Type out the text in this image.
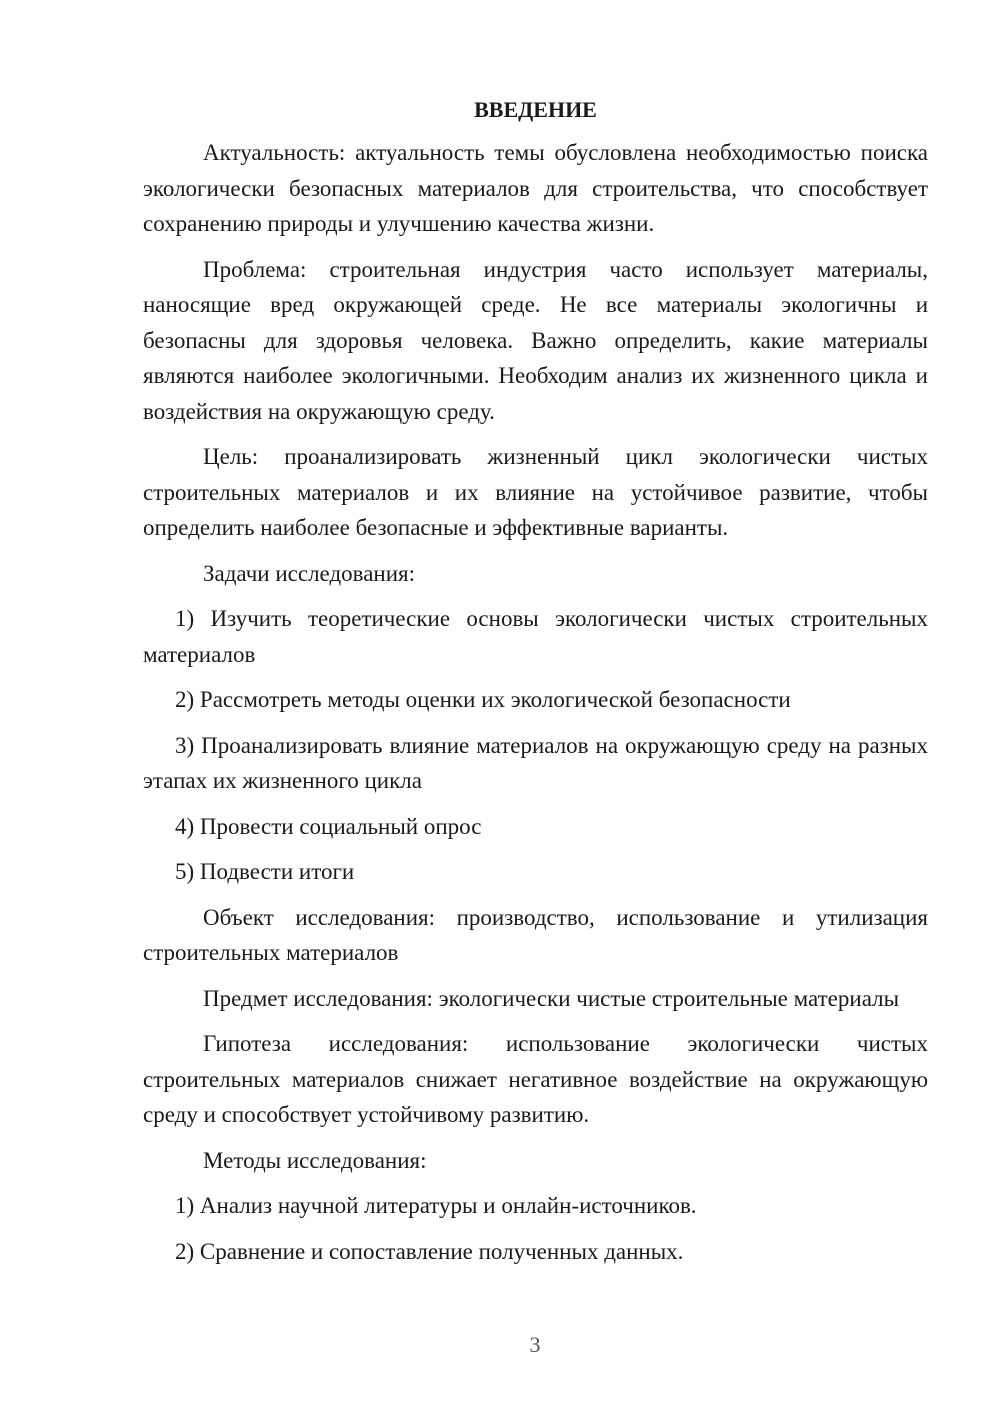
ВВЕДЕНИЕ

Актуальность: актуальность темы обусловлена необходимостью поиска экологически безопасных материалов для строительства, что способствует сохранению природы и улучшению качества жизни.

Проблема: строительная индустрия часто использует материалы, наносящие вред окружающей среде. Не все материалы экологичны и безопасны для здоровья человека. Важно определить, какие материалы являются наиболее экологичными. Необходим анализ их жизненного цикла и воздействия на окружающую среду.

Цель: проанализировать жизненный цикл экологически чистых строительных материалов и их влияние на устойчивое развитие, чтобы определить наиболее безопасные и эффективные варианты.

Задачи исследования:

1) Изучить теоретические основы экологически чистых строительных материалов

2) Рассмотреть методы оценки их экологической безопасности

3) Проанализировать влияние материалов на окружающую среду на разных этапах их жизненного цикла

4) Провести социальный опрос

5) Подвести итоги

Объект исследования: производство, использование и утилизация строительных материалов

Предмет исследования: экологически чистые строительные материалы

Гипотеза исследования: использование экологически чистых строительных материалов снижает негативное воздействие на окружающую среду и способствует устойчивому развитию.

Методы исследования:

1) Анализ научной литературы и онлайн-источников.

2) Сравнение и сопоставление полученных данных.

3
